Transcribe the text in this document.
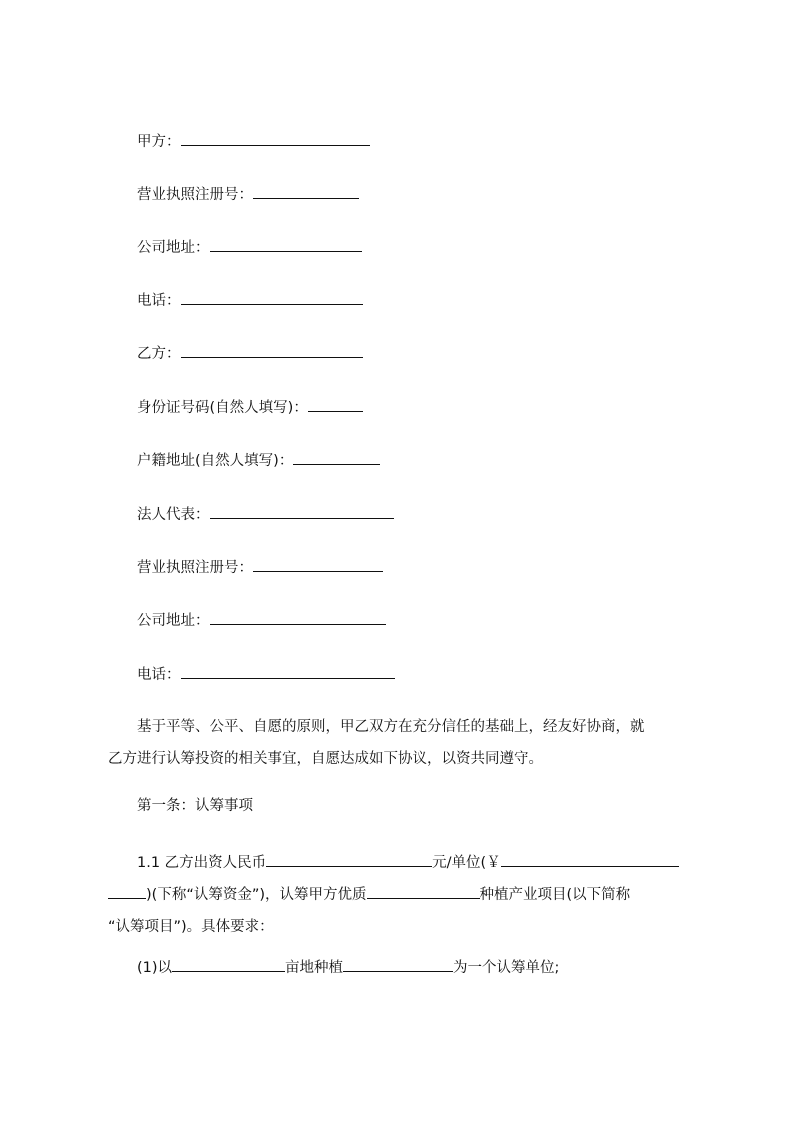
甲方：
营业执照注册号：
公司地址：
电话：
乙方：
身份证号码(自然人填写)：
户籍地址(自然人填写)：
法人代表：
营业执照注册号：
公司地址：
电话：
基于平等、公平、自愿的原则，甲乙双方在充分信任的基础上，经友好协商，就
乙方进行认筹投资的相关事宜，自愿达成如下协议，以资共同遵守。
第一条：认筹事项
1.1 乙方出资人民币	元/单位(￥
)(下称“认筹资金”)，认筹甲方优质	种植产业项目(以下简称
“认筹项目”)。具体要求：
(1)以	亩地种植	为一个认筹单位;
